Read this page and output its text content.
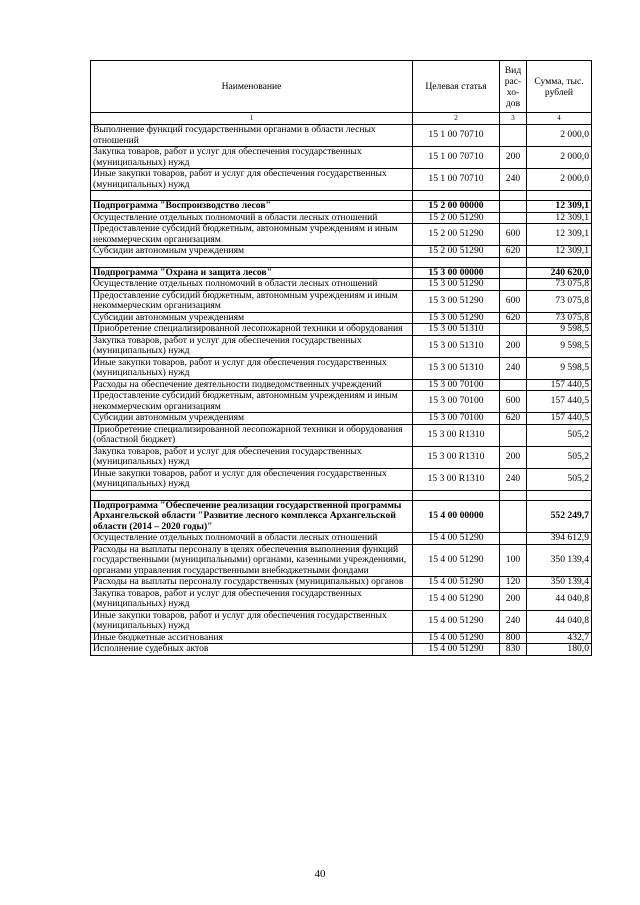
Наименование	Целевая статья	Вид рас-хо-дов	Сумма, тыс. рублей
1	2	3	4
Выполнение функций государственными органами в области лесных отношений	15 1 00 70710		2 000,0
Закупка товаров, работ и услуг для обеспечения государственных (муниципальных) нужд	15 1 00 70710	200	2 000,0
Иные закупки товаров, работ и услуг для обеспечения государственных (муниципальных) нужд	15 1 00 70710	240	2 000,0

Подпрограмма "Воспроизводство лесов"	15 2 00 00000		12 309,1
Осуществление отдельных полномочий в области лесных отношений	15 2 00 51290		12 309,1
Предоставление субсидий бюджетным, автономным учреждениям и иным некоммерческим организациям	15 2 00 51290	600	12 309,1
Субсидии автономным учреждениям	15 2 00 51290	620	12 309,1

Подпрограмма "Охрана и защита лесов"	15 3 00 00000		240 620,0
Осуществление отдельных полномочий в области лесных отношений	15 3 00 51290		73 075,8
Предоставление субсидий бюджетным, автономным учреждениям и иным некоммерческим организациям	15 3 00 51290	600	73 075,8
Субсидии автономным учреждениям	15 3 00 51290	620	73 075,8
Приобретение специализированной лесопожарной техники и оборудования	15 3 00 51310		9 598,5
Закупка товаров, работ и услуг для обеспечения государственных (муниципальных) нужд	15 3 00 51310	200	9 598,5
Иные закупки товаров, работ и услуг для обеспечения государственных (муниципальных) нужд	15 3 00 51310	240	9 598,5
Расходы на обеспечение деятельности подведомственных учреждений	15 3 00 70100		157 440,5
Предоставление субсидий бюджетным, автономным учреждениям и иным некоммерческим организациям	15 3 00 70100	600	157 440,5
Субсидии автономным учреждениям	15 3 00 70100	620	157 440,5
Приобретение специализированной лесопожарной техники и оборудования (областной бюджет)	15 3 00 R1310		505,2
Закупка товаров, работ и услуг для обеспечения государственных (муниципальных) нужд	15 3 00 R1310	200	505,2
Иные закупки товаров, работ и услуг для обеспечения государственных (муниципальных) нужд	15 3 00 R1310	240	505,2

Подпрограмма "Обеспечение реализации государственной программы Архангельской области "Развитие лесного комплекса Архангельской области (2014 – 2020 годы)"	15 4 00 00000		552 249,7
Осуществление отдельных полномочий в области лесных отношений	15 4 00 51290		394 612,9
Расходы на выплаты персоналу в целях обеспечения выполнения функций государственными (муниципальными) органами, казенными учреждениями, органами управления государственными внебюджетными фондами	15 4 00 51290	100	350 139,4
Расходы на выплаты персоналу государственных (муниципальных) органов	15 4 00 51290	120	350 139,4
Закупка товаров, работ и услуг для обеспечения государственных (муниципальных) нужд	15 4 00 51290	200	44 040,8
Иные закупки товаров, работ и услуг для обеспечения государственных (муниципальных) нужд	15 4 00 51290	240	44 040,8
Иные бюджетные ассигнования	15 4 00 51290	800	432,7
Исполнение судебных актов	15 4 00 51290	830	180,0
40
